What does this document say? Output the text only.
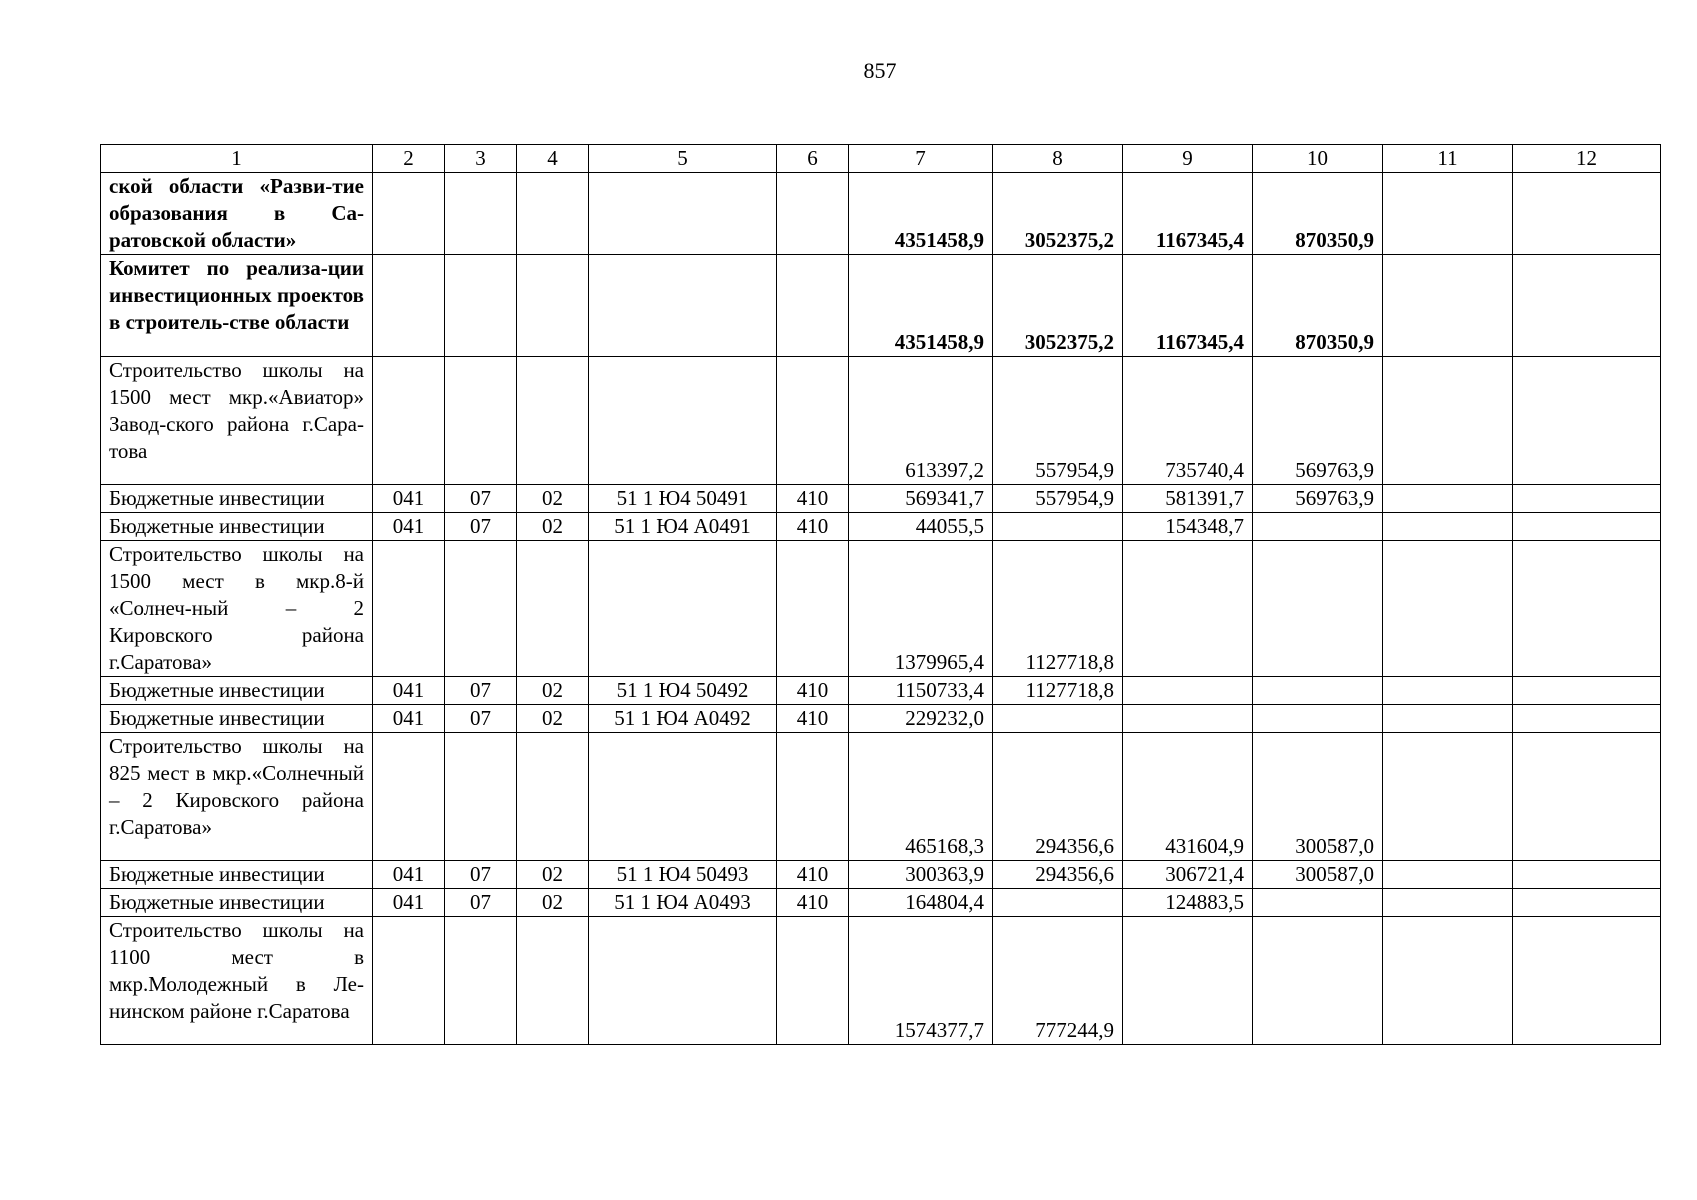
857
1	2	3	4	5	6	7	8	9	10	11	12
ской области «Разви-тие образования в Са-ратовской области»						4351458,9	3052375,2	1167345,4	870350,9		
Комитет по реализа-ции инвестиционных проектов в строитель-стве области						4351458,9	3052375,2	1167345,4	870350,9		
Строительство школы на 1500 мест мкр.«Авиатор» Завод-ского района г.Сара-това						613397,2	557954,9	735740,4	569763,9		
Бюджетные инвестиции	041	07	02	51 1 Ю4 50491	410	569341,7	557954,9	581391,7	569763,9		
Бюджетные инвестиции	041	07	02	51 1 Ю4 А0491	410	44055,5		154348,7			
Строительство школы на 1500 мест в мкр.8-й «Солнеч-ный – 2 Кировского района г.Саратова»						1379965,4	1127718,8				
Бюджетные инвестиции	041	07	02	51 1 Ю4 50492	410	1150733,4	1127718,8				
Бюджетные инвестиции	041	07	02	51 1 Ю4 А0492	410	229232,0					
Строительство школы на 825 мест в мкр.«Солнечный – 2 Кировского района г.Саратова»						465168,3	294356,6	431604,9	300587,0		
Бюджетные инвестиции	041	07	02	51 1 Ю4 50493	410	300363,9	294356,6	306721,4	300587,0		
Бюджетные инвестиции	041	07	02	51 1 Ю4 А0493	410	164804,4		124883,5			
Строительство школы на 1100 мест в мкр.Молодежный в Ле-нинском районе г.Саратова						1574377,7	777244,9				
